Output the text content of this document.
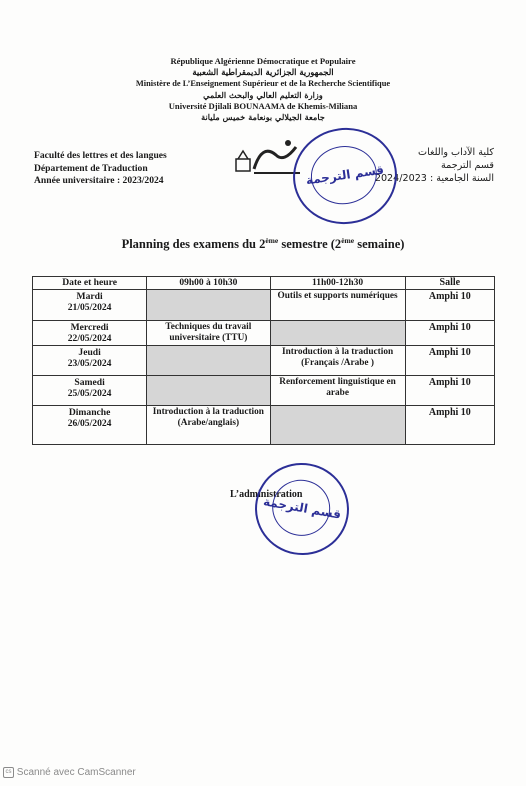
République Algérienne Démocratique et Populaire
الجمهورية الجزائرية الديمقراطية الشعبية
Ministère de L’Enseignement Supérieur et de la Recherche Scientifique
وزارة التعليم العالي والبحث العلمي
Université Djilali BOUNAAMA de Khemis-Miliana
جامعة الجيلالي بونعامة خميس مليانة
Faculté des lettres et des langues
Département de Traduction
Année universitaire : 2023/2024
كلية الآداب واللغات
قسم الترجمة
السنة الجامعية : 2024/2023
قسم الترجمة
Planning des examens du 2ème semestre (2ème semaine)
Date et heure	09h00 à 10h30	11h00-12h30	Salle

Mardi
21/05/2024		Outils et supports numériques	Amphi 10

Mercredi
22/05/2024	Techniques du travail universitaire (TTU)		Amphi 10

Jeudi
23/05/2024		Introduction à la traduction (Français /Arabe )	Amphi 10

Samedi
25/05/2024		Renforcement linguistique en arabe	Amphi 10

Dimanche
26/05/2024	Introduction à la traduction (Arabe/anglais)		Amphi 10
L’administration
قسم الترجمة
cs Scanné avec CamScanner
